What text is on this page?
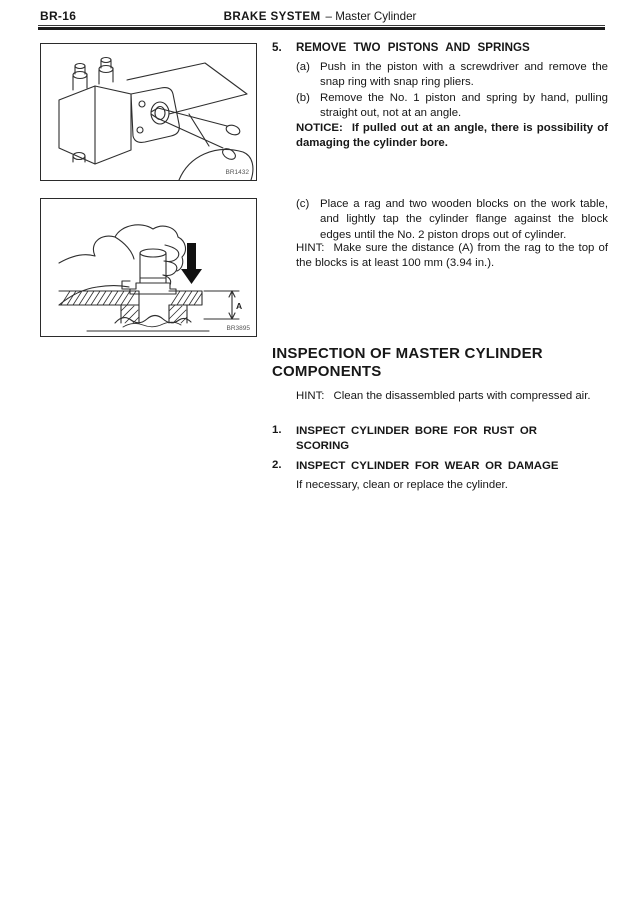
BR-16	BRAKE SYSTEM – Master Cylinder
BR1432
A
BR3895
5.	REMOVE TWO PISTONS AND SPRINGS
(a) Push in the piston with a screwdriver and remove the snap ring with snap ring pliers.
(b) Remove the No. 1 piston and spring by hand, pulling straight out, not at an angle.
NOTICE: If pulled out at an angle, there is possibility of damaging the cylinder bore.
(c) Place a rag and two wooden blocks on the work table, and lightly tap the cylinder flange against the block edges until the No. 2 piston drops out of cylinder.
HINT: Make sure the distance (A) from the rag to the top of the blocks is at least 100 mm (3.94 in.).
INSPECTION OF MASTER CYLINDER COMPONENTS
HINT: Clean the disassembled parts with compressed air.
1.	INSPECT CYLINDER BORE FOR RUST OR SCORING
2.	INSPECT CYLINDER FOR WEAR OR DAMAGE
If necessary, clean or replace the cylinder.
